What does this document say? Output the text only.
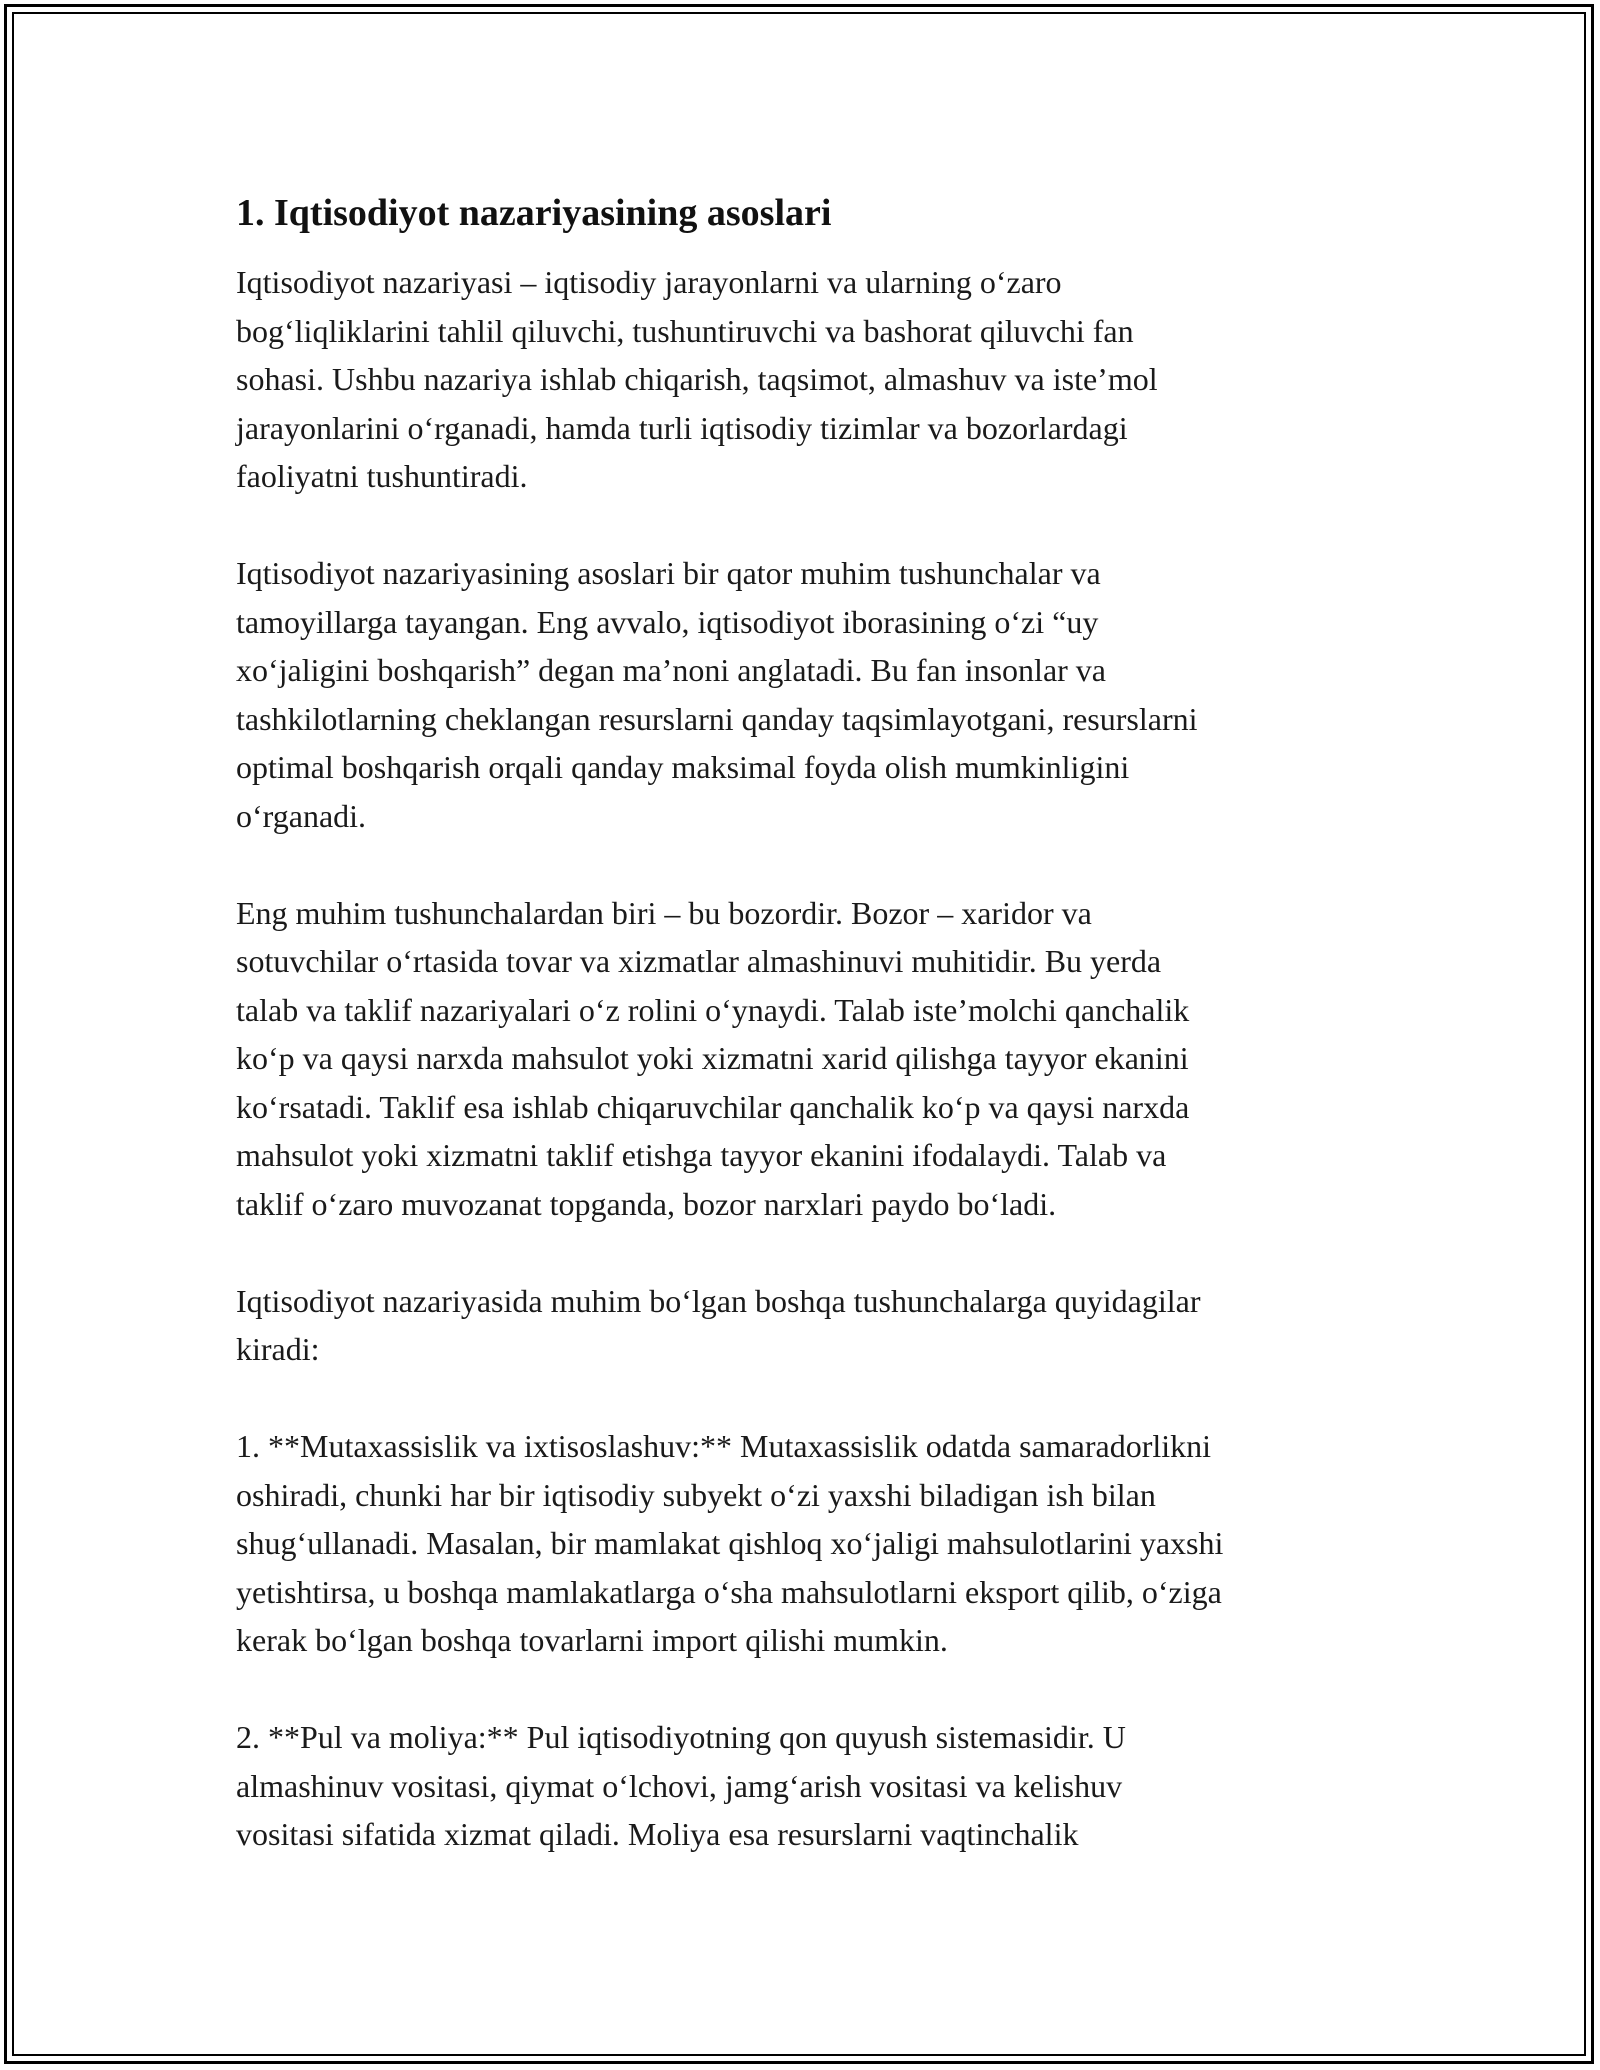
1. Iqtisodiyot nazariyasining asoslari

Iqtisodiyot nazariyasi – iqtisodiy jarayonlarni va ularning o‘zaro
bog‘liqliklarini tahlil qiluvchi, tushuntiruvchi va bashorat qiluvchi fan
sohasi. Ushbu nazariya ishlab chiqarish, taqsimot, almashuv va iste’mol
jarayonlarini o‘rganadi, hamda turli iqtisodiy tizimlar va bozorlardagi
faoliyatni tushuntiradi.

Iqtisodiyot nazariyasining asoslari bir qator muhim tushunchalar va
tamoyillarga tayangan. Eng avvalo, iqtisodiyot iborasining o‘zi “uy
xo‘jaligini boshqarish” degan ma’noni anglatadi. Bu fan insonlar va
tashkilotlarning cheklangan resurslarni qanday taqsimlayotgani, resurslarni
optimal boshqarish orqali qanday maksimal foyda olish mumkinligini
o‘rganadi.

Eng muhim tushunchalardan biri – bu bozordir. Bozor – xaridor va
sotuvchilar o‘rtasida tovar va xizmatlar almashinuvi muhitidir. Bu yerda
talab va taklif nazariyalari o‘z rolini o‘ynaydi. Talab iste’molchi qanchalik
ko‘p va qaysi narxda mahsulot yoki xizmatni xarid qilishga tayyor ekanini
ko‘rsatadi. Taklif esa ishlab chiqaruvchilar qanchalik ko‘p va qaysi narxda
mahsulot yoki xizmatni taklif etishga tayyor ekanini ifodalaydi. Talab va
taklif o‘zaro muvozanat topganda, bozor narxlari paydo bo‘ladi.

Iqtisodiyot nazariyasida muhim bo‘lgan boshqa tushunchalarga quyidagilar
kiradi:

1. **Mutaxassislik va ixtisoslashuv:** Mutaxassislik odatda samaradorlikni
oshiradi, chunki har bir iqtisodiy subyekt o‘zi yaxshi biladigan ish bilan
shug‘ullanadi. Masalan, bir mamlakat qishloq xo‘jaligi mahsulotlarini yaxshi
yetishtirsa, u boshqa mamlakatlarga o‘sha mahsulotlarni eksport qilib, o‘ziga
kerak bo‘lgan boshqa tovarlarni import qilishi mumkin.

2. **Pul va moliya:** Pul iqtisodiyotning qon quyush sistemasidir. U
almashinuv vositasi, qiymat o‘lchovi, jamg‘arish vositasi va kelishuv
vositasi sifatida xizmat qiladi. Moliya esa resurslarni vaqtinchalik
